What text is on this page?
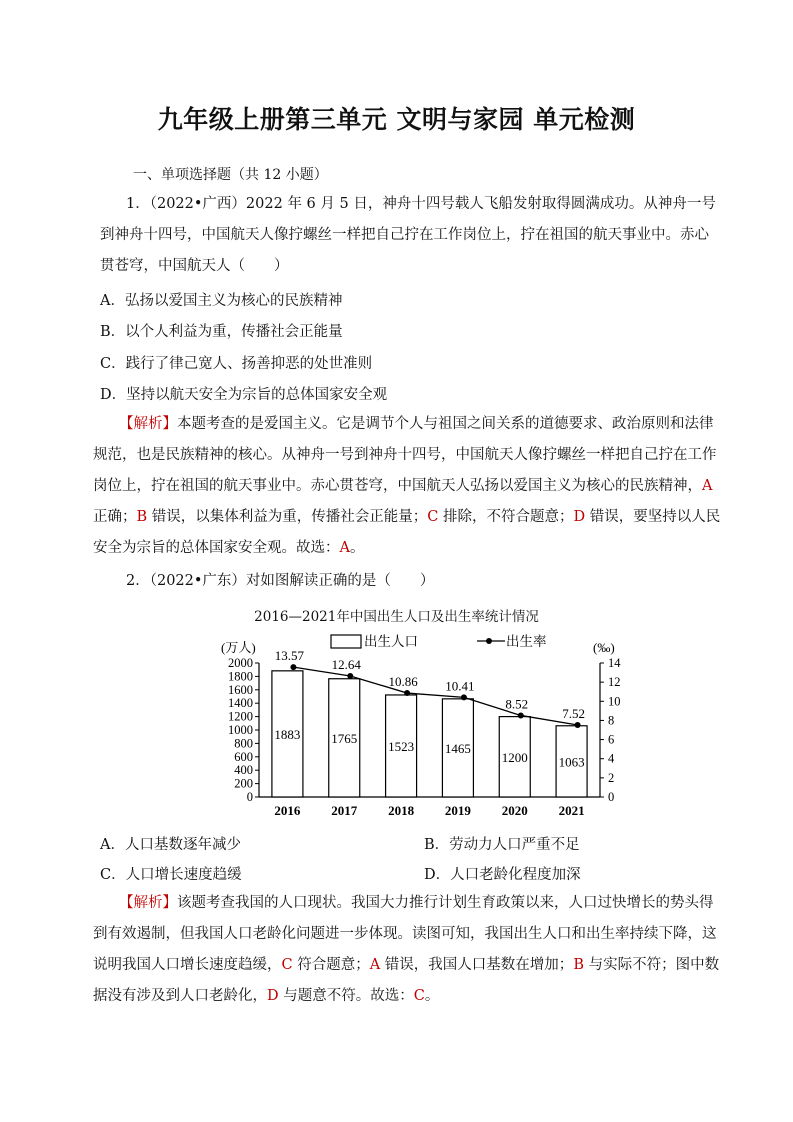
九年级上册第三单元 文明与家园 单元检测
一、单项选择题（共 12 小题）
1．（2022•广西）2022 年 6 月 5 日，神舟十四号载人飞船发射取得圆满成功。从神舟一号到神舟十四号，中国航天人像拧螺丝一样把自己拧在工作岗位上，拧在祖国的航天事业中。赤心贯苍穹，中国航天人（　　）
A．弘扬以爱国主义为核心的民族精神
B．以个人利益为重，传播社会正能量
C．践行了律己宽人、扬善抑恶的处世准则
D．坚持以航天安全为宗旨的总体国家安全观
【解析】本题考查的是爱国主义。它是调节个人与祖国之间关系的道德要求、政治原则和法律规范，也是民族精神的核心。从神舟一号到神舟十四号，中国航天人像拧螺丝一样把自己拧在工作岗位上，拧在祖国的航天事业中。赤心贯苍穹，中国航天人弘扬以爱国主义为核心的民族精神，A 正确；B 错误，以集体利益为重，传播社会正能量；C 排除，不符合题意；D 错误，要坚持以人民安全为宗旨的总体国家安全观。故选：A。
2．（2022•广东）对如图解读正确的是（　　）
2016—2021年中国出生人口及出生率统计情况
0
200
400
600
800
1000
1200
1400
1600
1800
2000
0
2
4
6
8
10
12
14
(万人)	(‰)
出生人口	出生率
1883
2016
1765
2017
1523
2018
1465
2019
1200
2020
1063
2021
13.57
12.64
10.86 10.41
8.52
7.52
A．人口基数逐年减少	B．劳动力人口严重不足
C．人口增长速度趋缓	D．人口老龄化程度加深
【解析】该题考查我国的人口现状。我国大力推行计划生育政策以来，人口过快增长的势头得到有效遏制，但我国人口老龄化问题进一步体现。读图可知，我国出生人口和出生率持续下降，这说明我国人口增长速度趋缓，C 符合题意；A 错误，我国人口基数在增加；B 与实际不符；图中数据没有涉及到人口老龄化，D 与题意不符。故选：C。
